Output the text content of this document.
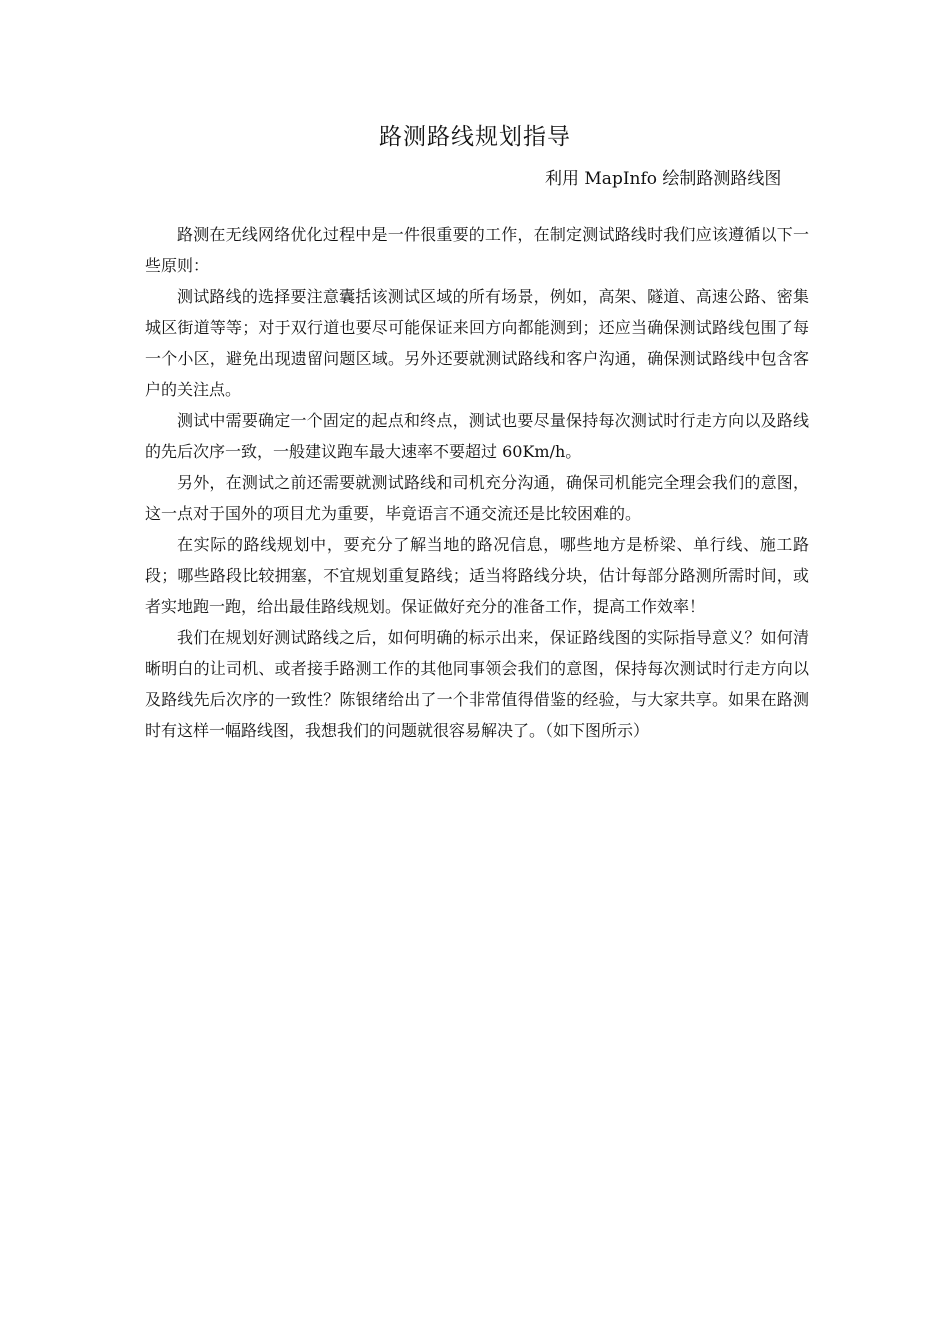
路测路线规划指导
利用 MapInfo 绘制路测路线图

路测在无线网络优化过程中是一件很重要的工作，在制定测试路线时我们应该遵循以下一些原则：

测试路线的选择要注意囊括该测试区域的所有场景，例如，高架、隧道、高速公路、密集城区街道等等；对于双行道也要尽可能保证来回方向都能测到；还应当确保测试路线包围了每一个小区，避免出现遗留问题区域。另外还要就测试路线和客户沟通，确保测试路线中包含客户的关注点。

测试中需要确定一个固定的起点和终点，测试也要尽量保持每次测试时行走方向以及路线的先后次序一致，一般建议跑车最大速率不要超过 60Km/h。

另外，在测试之前还需要就测试路线和司机充分沟通，确保司机能完全理会我们的意图，这一点对于国外的项目尤为重要，毕竟语言不通交流还是比较困难的。

在实际的路线规划中，要充分了解当地的路况信息，哪些地方是桥梁、单行线、施工路段；哪些路段比较拥塞，不宜规划重复路线；适当将路线分块，估计每部分路测所需时间，或者实地跑一跑，给出最佳路线规划。保证做好充分的准备工作，提高工作效率！

我们在规划好测试路线之后，如何明确的标示出来，保证路线图的实际指导意义？如何清晰明白的让司机、或者接手路测工作的其他同事领会我们的意图，保持每次测试时行走方向以及路线先后次序的一致性？陈银绪给出了一个非常值得借鉴的经验，与大家共享。如果在路测时有这样一幅路线图，我想我们的问题就很容易解决了。（如下图所示）
